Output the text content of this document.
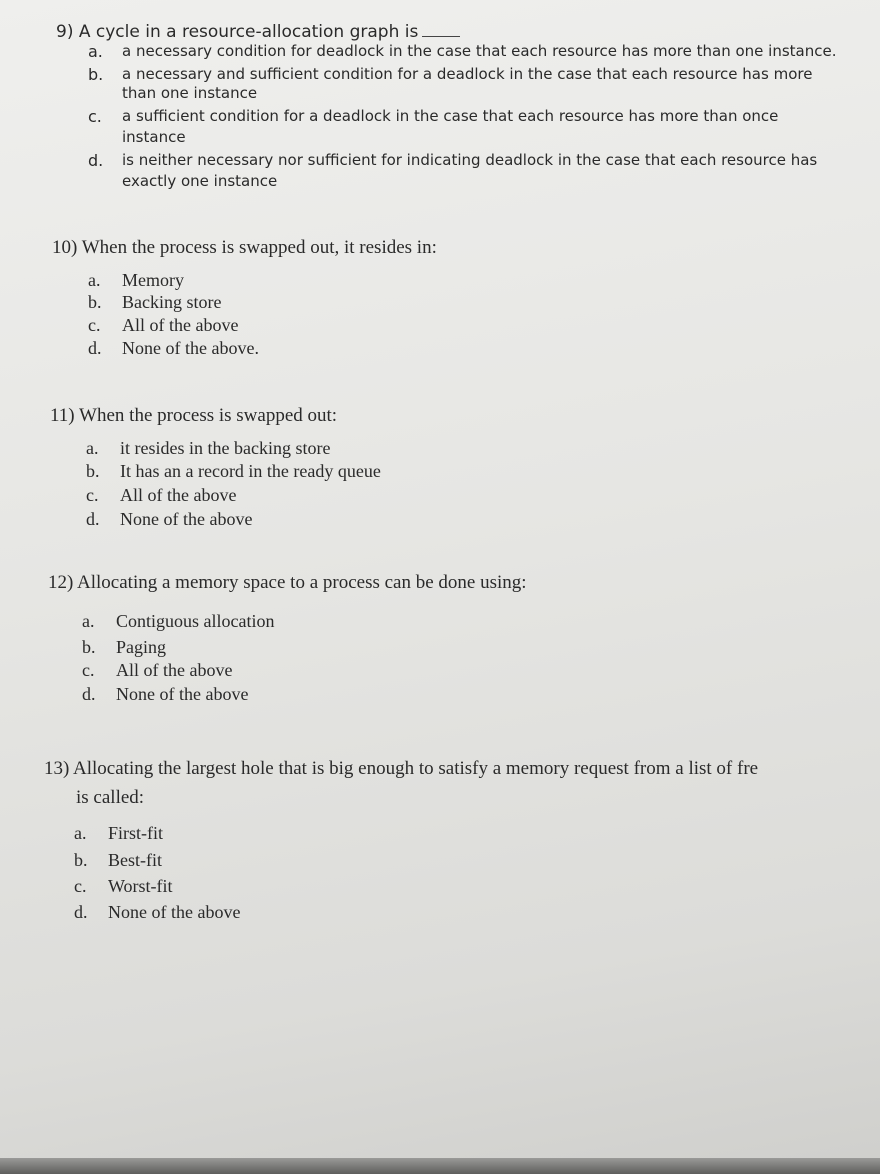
9) A cycle in a resource-allocation graph is
a.	a necessary condition for deadlock in the case that each resource has more than one instance.
b.	a necessary and sufficient condition for a deadlock in the case that each resource has more
than one instance
c.	a sufficient condition for a deadlock in the case that each resource has more than once
instance
d.	is neither necessary nor sufficient for indicating deadlock in the case that each resource has
exactly one instance
10) When the process is swapped out, it resides in:
a.	Memory
b.	Backing store
c.	All of the above
d.	None of the above.
11) When the process is swapped out:
a.	it resides in the backing store
b.	It has an a record in the ready queue
c.	All of the above
d.	None of the above
12) Allocating a memory space to a process can be done using:
a.	Contiguous allocation
b.	Paging
c.	All of the above
d.	None of the above
13) Allocating the largest hole that is big enough to satisfy a memory request from a list of fre
is called:
a.	First-fit
b.	Best-fit
c.	Worst-fit
d.	None of the above
